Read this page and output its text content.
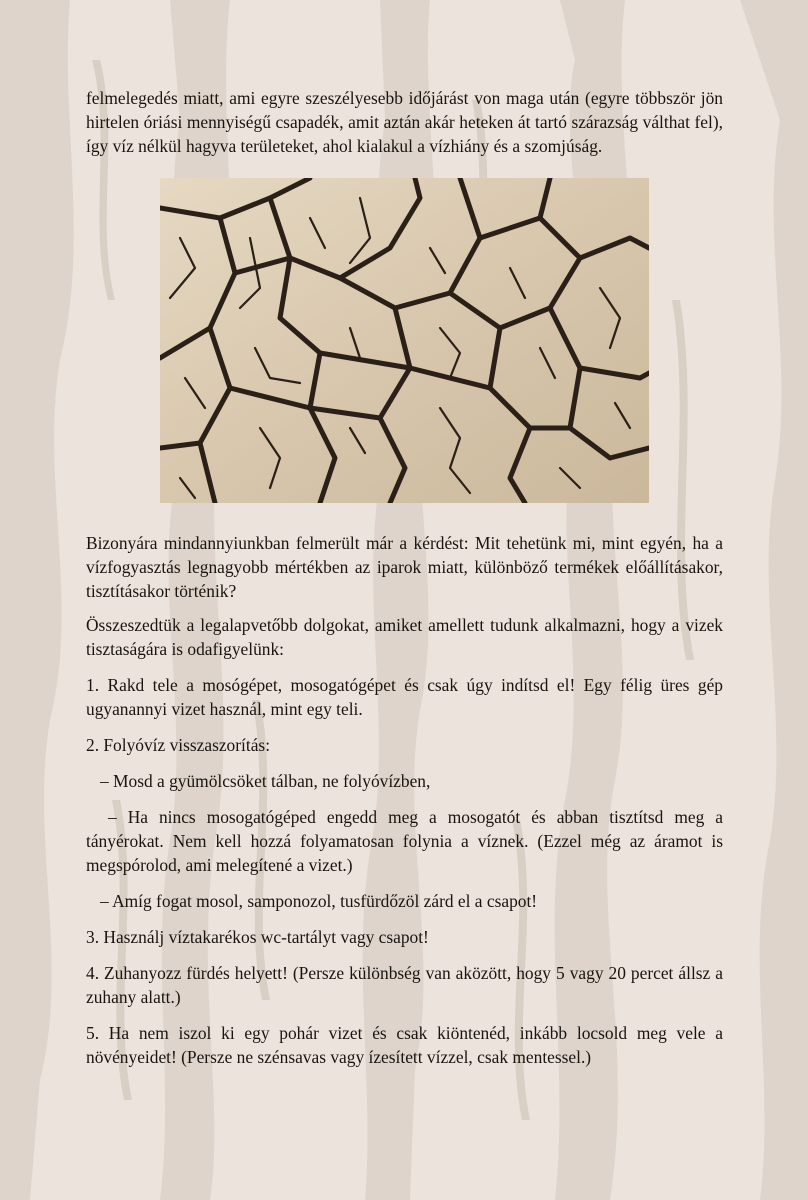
felmelegedés miatt, ami egyre szeszélyesebb időjárást von maga után (egyre többször jön hirtelen óriási mennyiségű csapadék, amit aztán akár heteken át tartó szárazság válthat fel), így víz nélkül hagyva területeket, ahol kialakul a vízhiány és a szomjúság.

Bizonyára mindannyiunkban felmerült már a kérdést: Mit tehetünk mi, mint egyén, ha a vízfogyasztás legnagyobb mértékben az iparok miatt, különböző termékek előállításakor, tisztításakor történik?

Összeszedtük a legalapvetőbb dolgokat, amiket amellett tudunk alkalmazni, hogy a vizek tisztaságára is odafigyelünk:

1. Rakd tele a mosógépet, mosogatógépet és csak úgy indítsd el! Egy félig üres gép ugyanannyi vizet használ, mint egy teli.

2. Folyóvíz visszaszorítás:

– Mosd a gyümölcsöket tálban, ne folyóvízben,

– Ha nincs mosogatógéped engedd meg a mosogatót és abban tisztítsd meg a tányérokat. Nem kell hozzá folyamatosan folynia a víznek. (Ezzel még az áramot is megspórolod, ami melegítené a vizet.)

– Amíg fogat mosol, samponozol, tusfürdőzöl zárd el a csapot!

3. Használj víztakarékos wc-tartályt vagy csapot!

4. Zuhanyozz fürdés helyett! (Persze különbség van aközött, hogy 5 vagy 20 percet állsz a zuhany alatt.)

5. Ha nem iszol ki egy pohár vizet és csak kiöntenéd, inkább locsold meg vele a növényeidet! (Persze ne szénsavas vagy ízesített vízzel, csak mentessel.)
